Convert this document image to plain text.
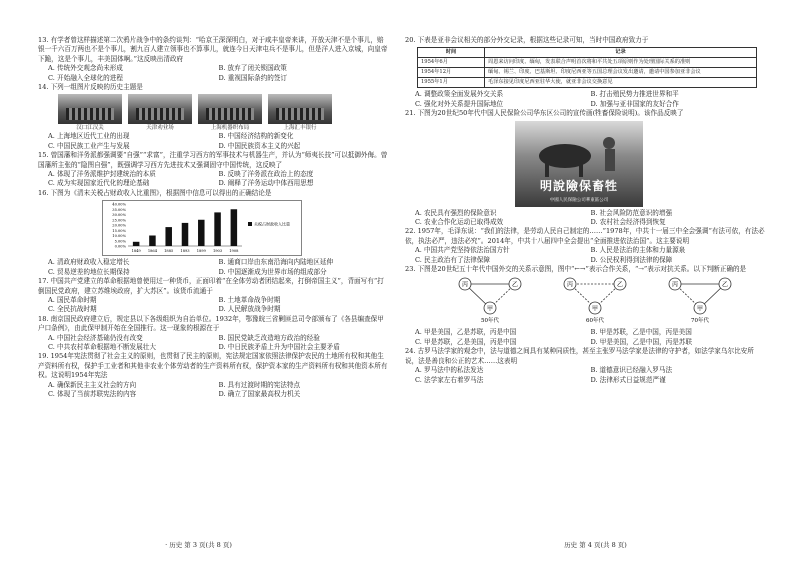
13. 有学者曾这样描述第二次鸦片战争中的条约谈判：“哈京王深深明白，对于咸丰皇帝来讲，开放天津不是个事儿，赔银一千六百万两也不是个事儿，割九百人建立领事也不算事儿，就连今日天津屯兵不是事儿，但是洋人进入京城，向皇帝下跪，这是个事儿，丰美国体啊。”这反映出清政府

A. 传统外交观念尚未形成	B. 放弃了闭关锁国政策
C. 开始融入全球化的进程	D. 重视国际条约的签订

14. 下列一组图片反映的历史主题是

汉口江汉关	天津劝业场	上海机器织布局	上海汇丰银行
A. 上海地区近代工业的出现	B. 中国经济结构的新变化
C. 中国民族工业产生与发展	D. 中国民族资本主义的兴起

15. 曾国藩和洋务派都强调要“自强”“求富”，注重学习西方的军事技术与机器生产，并认为“师夷长技”可以抵御外侮。曾国藩所主张的“隐图自强”，既强调学习西方先进技术又强调固守中国传统，这反映了

A. 体现了洋务派维护封建统治的本质	B. 反映了洋务派在政治上的态度
C. 成为实现国家近代化的理论基础	D. 阐释了洋务运动中体西用思想

16. 下图为《清末关税占财政收入比重图》，根据图中信息可以得出的正确结论是

40.00%
35.00%
30.00%
25.00%
20.00%
15.00%
10.00%
5.00%
0.00%
1849 1864 1885 1893 1899 1903 1908
关税占财政收入比重
A. 清政府财政收入稳定增长	B. 通商口岸由东南沿海向内陆地区延伸
C. 贸易逆差的地位长期保持	D. 中国逐渐成为世界市场的组成部分

17. 中国共产党建立的革命根据地曾使用过一种货币，正面印着“在全体劳动者团结起来，打倒帝国主义”，背面写有“打倒国民党政府，建立苏维埃政府，扩大苏区”。该货币流通于

A. 国民革命时期	B. 土地革命战争时期
C. 全民抗战时期	D. 人民解放战争时期

18. 南京国民政府建立后，规定县以下各级组织为自治单位。1932年，鄂豫皖三省剿匪总司令部颁布了《各县编查保甲户口条例》，由此保甲制开始在全国推行。这一现象的根源在于

A. 中国社会经济基础仍没有改变	B. 国民党缺乏改造地方政治的经验
C. 中共农村革命根据地不断发展壮大	D. 中日民族矛盾上升为中国社会主要矛盾

19. 1954年宪法贯彻了社会主义的原则，也贯彻了民主的原则，宪法规定国家依照法律保护农民的土地所有权和其他生产资料所有权，保护手工业者和其他非农业个体劳动者的生产资料所有权，保护资本家的生产资料所有权和其他资本所有权。这说明1954年宪法

A. 确保新民主主义社会的方向	B. 具有过渡时期的宪法特点
C. 体现了当前苏联宪法的内容	D. 确立了国家最高权力机关
· 历史 第 3 页(共 8 页)

20. 下表是亚非会议相关的部分外交记录，根据这些记录可知，当时中国政府致力于

时间	记录
1954年6月	周恩来访问印度、缅甸，发表联合声明首次将和平共处五项原则作为处理国际关系的准则
1954年12月	缅甸、锡兰、印度、巴基斯坦、印度尼西亚等五国总理会议发出邀请，邀请中国参加亚非会议
1955年1月	毛泽东接见印度尼西亚驻华大使，就亚非会议交换意见
A. 调整政策全面发展外交关系	B. 打击殖民势力推进世界和平
C. 强化对外关系提升国际地位	D. 加强与亚非国家的友好合作

21. 下图为20世纪50年代中国人民保险公司华东区公司的宣传画(牲畜保险说明)。该作品反映了

明說險保畜牲
中國人民保險公司華東區公司
A. 农民具有强烈的保险意识	B. 社会风险防范意识的增强
C. 农业合作化运动已取得成效	D. 农村社会经济得到恢复

22. 1957年，毛泽东说：“我们的法律，是劳动人民自己制定的……”1978年，中共十一届三中全会强调“有法可依，有法必依，执法必严，违法必究”。2014年，中共十八届四中全会提出“全面推进依法治国”。这主要说明

A. 中国共产党坚持依法治国方针	B. 人民是法治的主体和力量源泉
C. 民主政治有了法律保障	D. 公民权利得到法律的保障

23. 下图是20世纪五十年代中国外交的关系示意图，图中“←→”表示合作关系，“⇢”表示对抗关系。以下判断正确的是

丙	乙
甲
50年代
丙	乙
甲
60年代
丙	乙
甲
70年代
A. 甲是美国，乙是苏联，丙是中国	B. 甲是苏联，乙是中国，丙是美国
C. 甲是苏联，乙是美国，丙是中国	D. 甲是美国，乙是中国，丙是苏联

24. 古罗马法学家的观念中，法与道德之间具有某种同质性，甚至主张罗马法学家是法律的守护者，如法学家乌尔比安所说，法是善良和公正的艺术……这表明

A. 罗马法中的私法发达	B. 道德意识已经融入罗马法
C. 法学家左右着罗马法	D. 法律形式日益规范严谨
历史 第 4 页(共 8 页)
